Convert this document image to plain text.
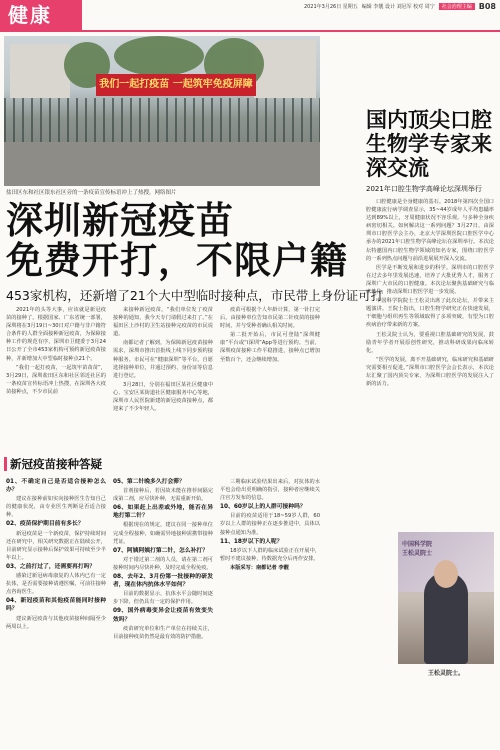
健康	2021年3月26日 星期五 编辑 李靓 设计 刘冠军 校对 周宁	社会治理主编 B08
我们一起打疫苗 一起筑牢免疫屏障
盐田区东和社区银东社区旁的一条疫苗宣传标语冲上了热搜。网络图片
深圳新冠疫苗
免费开打，不限户籍
453家机构，还新增了21个大中型临时接种点，市民带上身份证可打

2021年的头等大事，应该就是新冠疫苗的接种了。根据国家、广东省统一部署，深圳将在3月19日~30日对户籍与非户籍符合条件的人群全面接种新冠疫苗，为保障接种工作的规范有序，深圳市卫健委于3月24日公开了全市453家机构可预约新冠疫苗接种，并新增加大中型临时接种点21个。

“我们一起打疫苗，一起筑牢苗苗苗”，3月29日，深圳盐田区东和社区邻近社区的一条疫苗宣传标语冲上热搜，在深圳各大疫苗接种点，不少市民前

来接种新冠疫苗。“我们单位发了疫苗接种的通知，我今天专门请假过来打了。”在福田区上沙村的卫生站接种完疫苗的市民说道。

南都记者了解到，为保障新冠疫苗接种需求，深圳市推出首批线上线下同步预约接种服务。市民可在“健康深圳”等平台，自愿选择接种单位，并通过预约、身份证等信息进行登记。

3月28日，分别在福田区某社区健康中心、宝安区某街道社区健康服务中心等地，深圳市人民医院新建的新冠疫苗接种点，都迎来了不少年轻人。

疫苗可根据个人年龄计算，第一针打完后，由接种单位告知市民第二针疫苗的接种时间，并与受种者确认相关时间。

第二批开始后，市民可登陆“深圳健康”平台或“i深圳”App等进行预约。当前，深圳疫苗接种工作平稳推进，接种点已增加至数百个，还会继续增加。

新冠疫苗接种答疑

01、不确定自己是否适合接种怎么办？

建议在接种前如实向接种医生告知自己的健康状况，由专业医生判断是否适合接种。

02、疫苗保护期目前有多长？

新冠疫苗是一个新疫苗，保护持续时间还在研究中，相关研究数据正在陆续公开，目前研究显示接种后保护效果可持续至少半年以上。

03、之前打过了，还需要再打吗？

感染过新冠病毒康复的人体内已有一定抗体，是否需要接种请遵医嘱，可前往接种点咨询医生。

04、新冠疫苗和其他疫苗能同时接种吗？

建议新冠疫苗与其他疫苗接种间隔至少两周以上。

05、第二针晚多久打会滞？

首剂接种后，若因故未能在推荐间隔完成第二剂，应尽快补种，无需重新开始。

06、如果赶上出差或外地，能否在异地打第二针？

根据现在的规定，建议在同一接种单位完成全程接种，如确需异地接种需携带接种凭证。

07、阿姨阿姨打第二针，怎么补打？

对于错过第二剂的人员，请在第二剂可接种时间内尽快补种，及时完成全程免疫。

08、去年2、3月份第一批接种的研发者，现在体内抗体水平如何？

目前的数据显示，抗体水平会随时间逐步下降，但仍具有一定的保护作用。

09、国外病毒变异会让疫苗有效变失效吗？

疫苗研究单位和生产单位在持续关注，目前接种疫苗仍然是最有效的防护措施。

三期临床试验结果出来后，对抗体的水平也会给出更明确的指引，接种者应继续关注官方发布的信息。

10、60岁以上的人群可接种吗？

目前的疫苗适用于18~59岁人群，60岁以上人群的接种正在逐步推进中，具体以接种点通知为准。

11、18岁以下的人呢？

18岁以下人群的临床试验正在开展中，暂时不建议接种，待数据充分后再作安排。

本版采写：南都记者 李靓

国内顶尖口腔生物学专家来深交流
2021年口腔生物学高峰论坛深圳举行

口腔健康是全身健康的基石。2018年第四次全国口腔健康流行病学调查显示，35~44岁成年人平均患龋率达到89%以上，牙周健康状况不容乐观。与多种全身疾病密切相关。如何解决这一系列问题？3月27日，由深圳市口腔医学会主办，北京大学深圳医院口腔医学中心承办的2021年口腔生物学高峰论坛在深圳举行。本次论坛特邀国内口腔生物学领域的知名专家，围绕口腔医学的一系列热点问题与前沿进展展开深入交流。

医学是不断发展和进步的科学。深圳市的口腔医学在过去多年里发展迅速，培养了大批优秀人才，服务了深圳广大市民的口腔健康。本次论坛聚焦基础研究与临床转化，推动深圳口腔医学进一步发展。

中国科学院院士王松灵出席了此次论坛，并带来主题演讲。王院士指出，口腔生物学研究正在快速发展，干细胞与组织再生等领域取得了多项突破，有望为口腔疾病治疗带来新的方案。

王松灵院士认为，要重视口腔基础研究的发展，鼓励青年学者开展原创性研究，推动科研成果向临床转化。

“医学的发展，离不开基础研究，临床研究和基础研究需要相互促进。”深圳市口腔医学会会长表示，本次论坛汇聚了国内顶尖专家，为深圳口腔医学的发展注入了新的活力。

中国科学院
王松灵院士
王松灵院士。
